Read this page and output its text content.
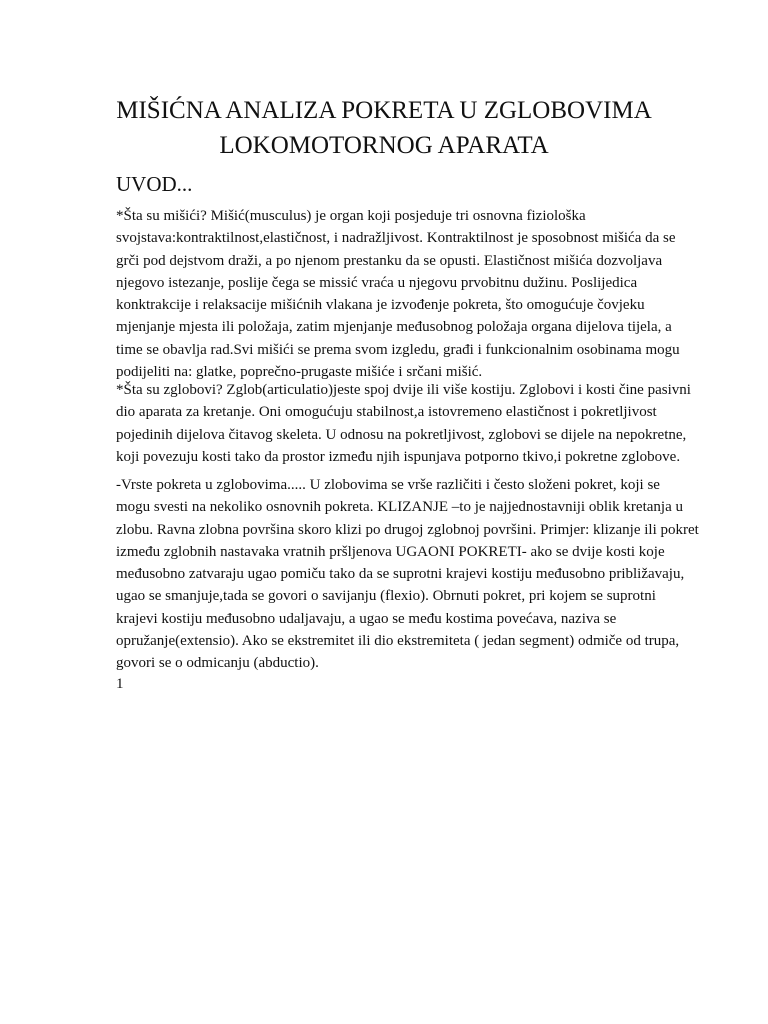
MIŠIĆNA ANALIZA POKRETA U ZGLOBOVIMA
LOKOMOTORNOG APARATA
UVOD...

*Šta su mišići? Mišić(musculus) je organ koji posjeduje tri osnovna fiziološka
svojstava:kontraktilnost,elastičnost, i nadražljivost. Kontraktilnost je sposobnost mišića da se
grči pod dejstvom draži, a po njenom prestanku da se opusti. Elastičnost mišića dozvoljava
njegovo istezanje, poslije čega se missić vraća u njegovu prvobitnu dužinu. Poslijedica
konktrakcije i relaksacije mišićnih vlakana je izvođenje pokreta, što omogućuje čovjeku
mjenjanje mjesta ili položaja, zatim mjenjanje međusobnog položaja organa dijelova tijela, a
time se obavlja rad.Svi mišići se prema svom izgledu, građi i funkcionalnim osobinama mogu
podijeliti na: glatke, poprečno-prugaste mišiće i srčani mišić.

*Šta su zglobovi? Zglob(articulatio)jeste spoj dvije ili više kostiju. Zglobovi i kosti čine pasivni
dio aparata za kretanje. Oni omogućuju stabilnost,a istovremeno elastičnost i pokretljivost
pojedinih dijelova čitavog skeleta. U odnosu na pokretljivost, zglobovi se dijele na nepokretne,
koji povezuju kosti tako da prostor između njih ispunjava potporno tkivo,i pokretne zglobove.

-Vrste pokreta u zglobovima..... U zlobovima se vrše različiti i često složeni pokret, koji se
mogu svesti na nekoliko osnovnih pokreta. KLIZANJE –to je najjednostavniji oblik kretanja u
zlobu. Ravna zlobna površina skoro klizi po drugoj zglobnoj površini. Primjer: klizanje ili pokret
između zglobnih nastavaka vratnih pršljenova UGAONI POKRETI- ako se dvije kosti koje
međusobno zatvaraju ugao pomiču tako da se suprotni krajevi kostiju međusobno približavaju,
ugao se smanjuje,tada se govori o savijanju (flexio). Obrnuti pokret, pri kojem se suprotni
krajevi kostiju međusobno udaljavaju, a ugao se među kostima povećava, naziva se
opružanje(extensio). Ako se ekstremitet ili dio ekstremiteta ( jedan segment) odmiče od trupa,
govori se o odmicanju (abductio).

1
